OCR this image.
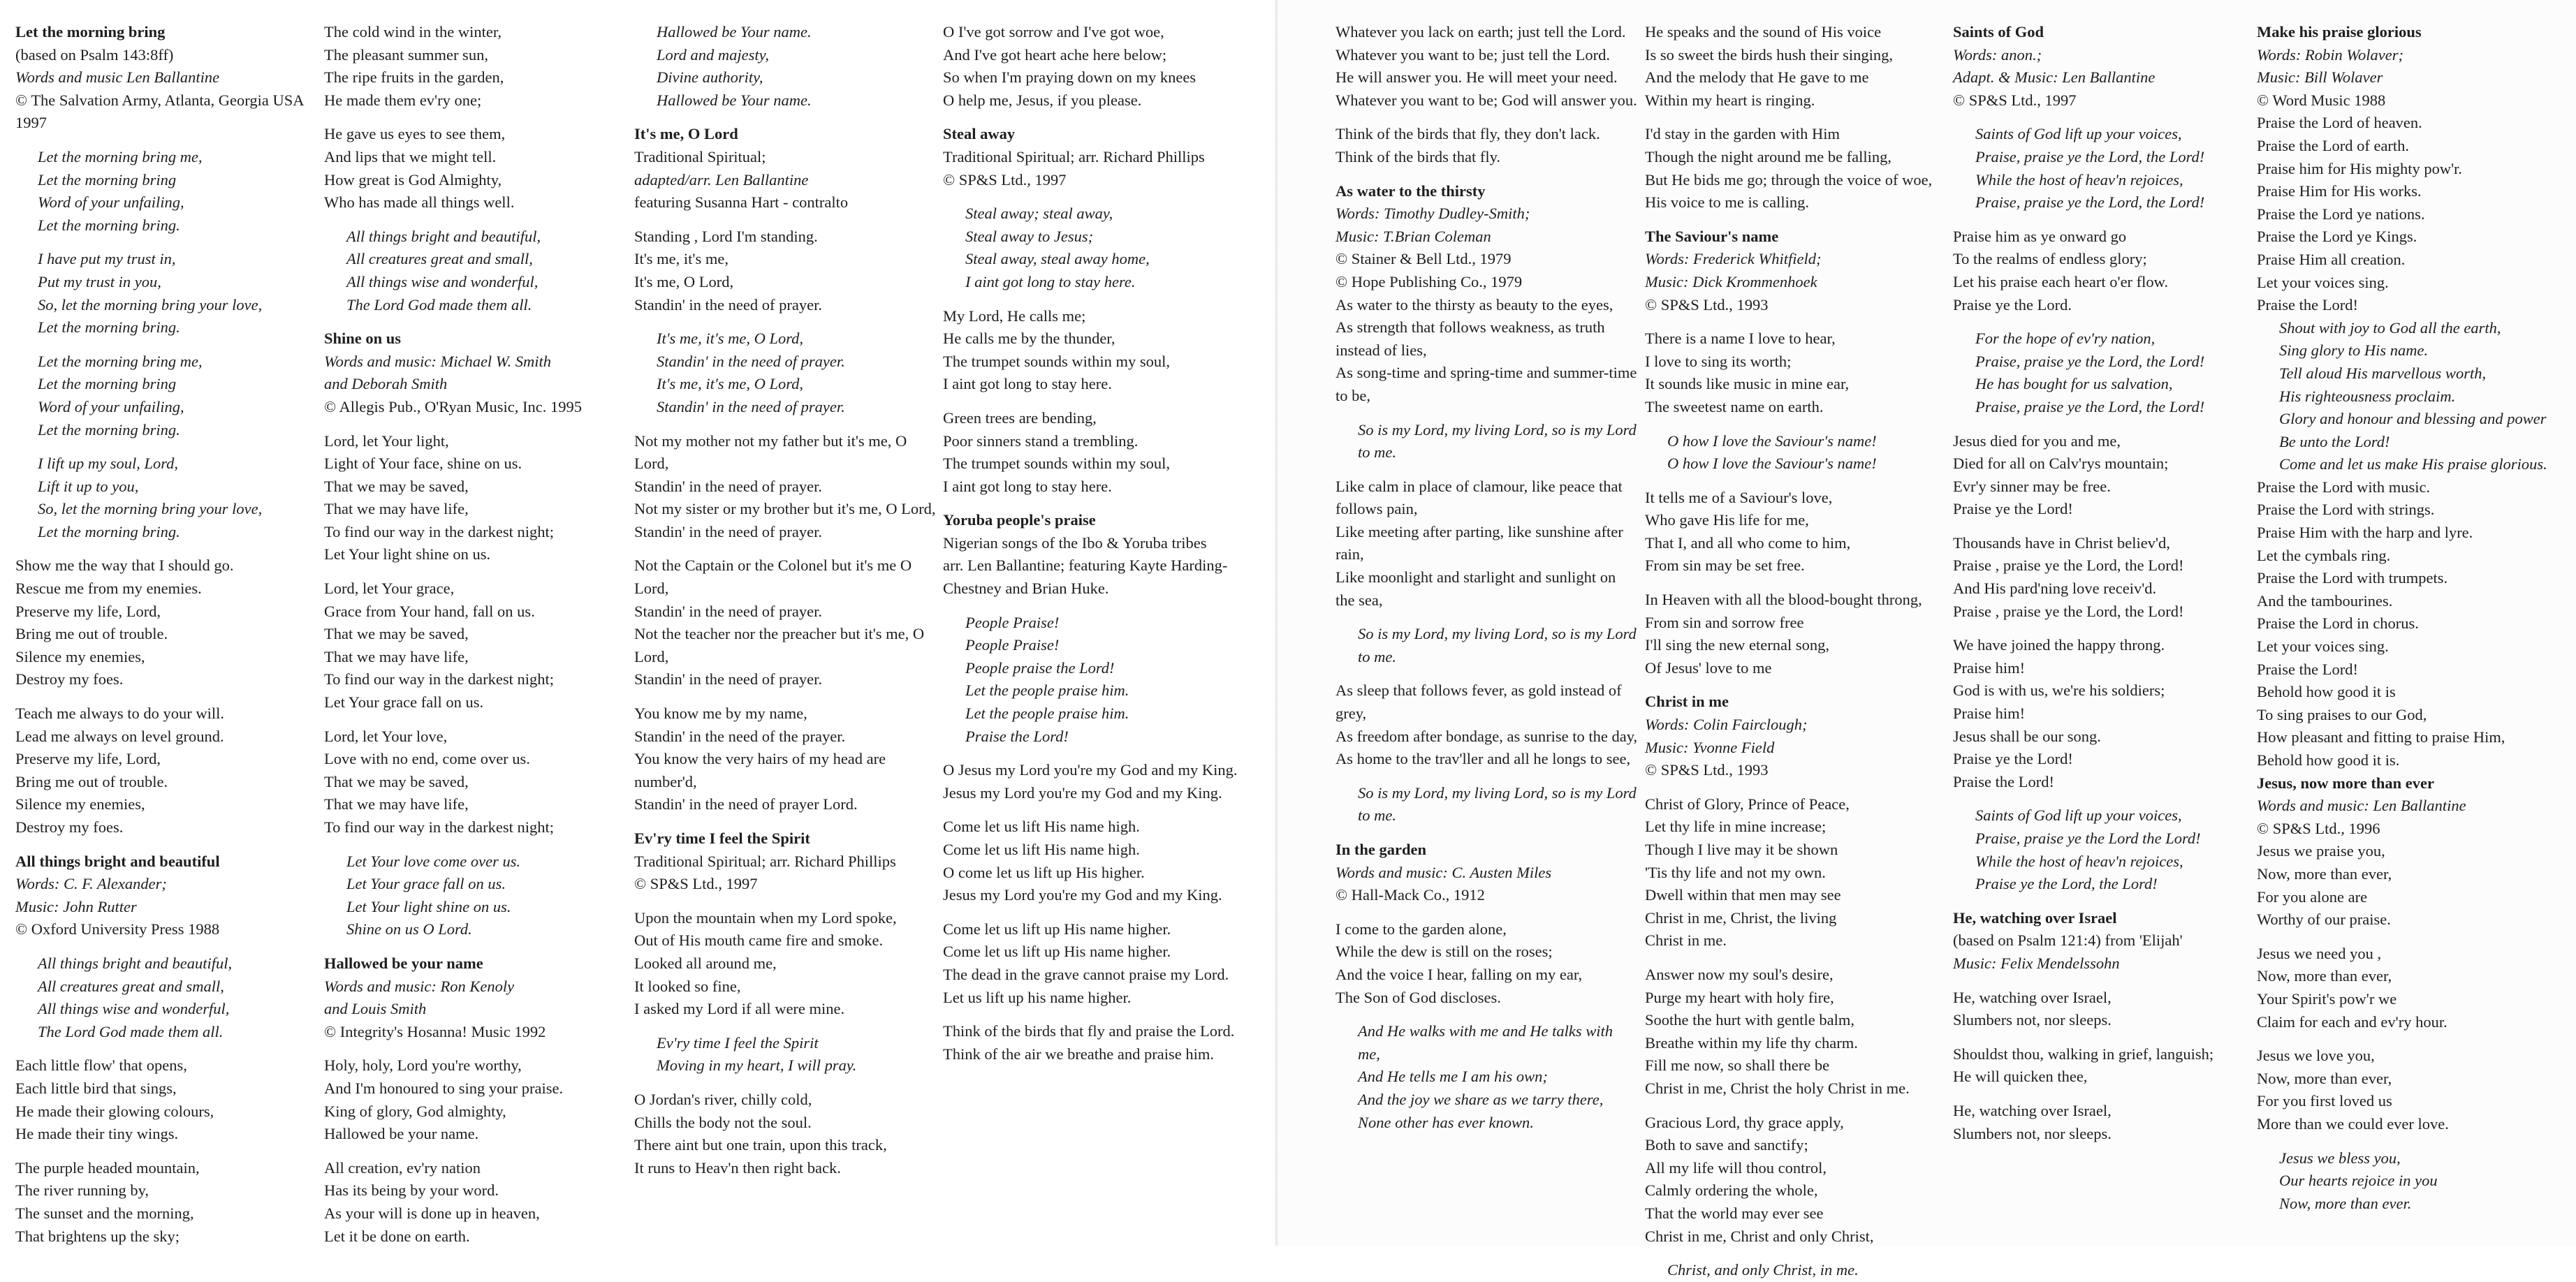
Let the morning bring
(based on Psalm 143:8ff)
Words and music Len Ballantine
© The Salvation Army, Atlanta, Georgia USA 1997
Let the morning bring me,
Let the morning bring
Word of your unfailing,
Let the morning bring.
I have put my trust in,
Put my trust in you,
So, let the morning bring your love,
Let the morning bring.
Let the morning bring me,
Let the morning bring
Word of your unfailing,
Let the morning bring.
I lift up my soul, Lord,
Lift it up to you,
So, let the morning bring your love,
Let the morning bring.
Show me the way that I should go.
Rescue me from my enemies.
Preserve my life, Lord,
Bring me out of trouble.
Silence my enemies,
Destroy my foes.
Teach me always to do your will.
Lead me always on level ground.
Preserve my life, Lord,
Bring me out of trouble.
Silence my enemies,
Destroy my foes.
All things bright and beautiful
Words: C. F. Alexander;
Music: John Rutter
© Oxford University Press 1988
All things bright and beautiful,
All creatures great and small,
All things wise and wonderful,
The Lord God made them all.
Each little flow' that opens,
Each little bird that sings,
He made their glowing colours,
He made their tiny wings.
The purple headed mountain,
The river running by,
The sunset and the morning,
That brightens up the sky;
The cold wind in the winter,
The pleasant summer sun,
The ripe fruits in the garden,
He made them ev'ry one;
He gave us eyes to see them,
And lips that we might tell.
How great is God Almighty,
Who has made all things well.
All things bright and beautiful,
All creatures great and small,
All things wise and wonderful,
The Lord God made them all.
Shine on us
Words and music: Michael W. Smith
and Deborah Smith
© Allegis Pub., O'Ryan Music, Inc. 1995
Lord, let Your light,
Light of Your face, shine on us.
That we may be saved,
That we may have life,
To find our way in the darkest night;
Let Your light shine on us.
Lord, let Your grace,
Grace from Your hand, fall on us.
That we may be saved,
That we may have life,
To find our way in the darkest night;
Let Your grace fall on us.
Lord, let Your love,
Love with no end, come over us.
That we may be saved,
That we may have life,
To find our way in the darkest night;
Let Your love come over us.
Let Your grace fall on us.
Let Your light shine on us.
Shine on us O Lord.
Hallowed be your name
Words and music: Ron Kenoly
and Louis Smith
© Integrity's Hosanna! Music 1992
Holy, holy, Lord you're worthy,
And I'm honoured to sing your praise.
King of glory, God almighty,
Hallowed be your name.
All creation, ev'ry nation
Has its being by your word.
As your will is done up in heaven,
Let it be done on earth.
Hallowed be Your name.
Lord and majesty,
Divine authority,
Hallowed be Your name.
It's me, O Lord
Traditional Spiritual;
adapted/arr. Len Ballantine
featuring Susanna Hart - contralto
Standing , Lord I'm standing.
It's me, it's me,
It's me, O Lord,
Standin' in the need of prayer.
It's me, it's me, O Lord,
Standin' in the need of prayer.
It's me, it's me, O Lord,
Standin' in the need of prayer.
Not my mother not my father but it's me, O Lord,
Standin' in the need of prayer.
Not my sister or my brother but it's me, O Lord,
Standin' in the need of prayer.
Not the Captain or the Colonel but it's me O Lord,
Standin' in the need of prayer.
Not the teacher nor the preacher but it's me, O Lord,
Standin' in the need of prayer.
You know me by my name,
Standin' in the need of the prayer.
You know the very hairs of my head are number'd,
Standin' in the need of prayer Lord.
Ev'ry time I feel the Spirit
Traditional Spiritual; arr. Richard Phillips
© SP&S Ltd., 1997
Upon the mountain when my Lord spoke,
Out of His mouth came fire and smoke.
Looked all around me,
It looked so fine,
I asked my Lord if all were mine.
Ev'ry time I feel the Spirit
Moving in my heart, I will pray.
O Jordan's river, chilly cold,
Chills the body not the soul.
There aint but one train, upon this track,
It runs to Heav'n then right back.
O I've got sorrow and I've got woe,
And I've got heart ache here below;
So when I'm praying down on my knees
O help me, Jesus, if you please.
Steal away
Traditional Spiritual; arr. Richard Phillips
© SP&S Ltd., 1997
Steal away; steal away,
Steal away to Jesus;
Steal away, steal away home,
I aint got long to stay here.
My Lord, He calls me;
He calls me by the thunder,
The trumpet sounds within my soul,
I aint got long to stay here.
Green trees are bending,
Poor sinners stand a trembling.
The trumpet sounds within my soul,
I aint got long to stay here.
Yoruba people's praise
Nigerian songs of the Ibo & Yoruba tribes
arr. Len Ballantine; featuring Kayte Harding-Chestney and Brian Huke.
People Praise!
People Praise!
People praise the Lord!
Let the people praise him.
Let the people praise him.
Praise the Lord!
O Jesus my Lord you're my God and my King.
Jesus my Lord you're my God and my King.
Come let us lift His name high.
Come let us lift His name high.
O come let us lift up His higher.
Jesus my Lord you're my God and my King.
Come let us lift up His name higher.
Come let us lift up His name higher.
The dead in the grave cannot praise my Lord.
Let us lift up his name higher.
Think of the birds that fly and praise the Lord.
Think of the air we breathe and praise him.
Whatever you lack on earth; just tell the Lord.
Whatever you want to be; just tell the Lord.
He will answer you. He will meet your need.
Whatever you want to be; God will answer you.
Think of the birds that fly, they don't lack.
Think of the birds that fly.
As water to the thirsty
Words: Timothy Dudley-Smith;
Music: T.Brian Coleman
© Stainer & Bell Ltd., 1979
© Hope Publishing Co., 1979
As water to the thirsty as beauty to the eyes,
As strength that follows weakness, as truth instead of lies,
As song-time and spring-time and summer-time to be,
So is my Lord, my living Lord, so is my Lord to me.
Like calm in place of clamour, like peace that follows pain,
Like meeting after parting, like sunshine after rain,
Like moonlight and starlight and sunlight on the sea,
So is my Lord, my living Lord, so is my Lord to me.
As sleep that follows fever, as gold instead of grey,
As freedom after bondage, as sunrise to the day,
As home to the trav'ller and all he longs to see,
So is my Lord, my living Lord, so is my Lord to me.
In the garden
Words and music: C. Austen Miles
© Hall-Mack Co., 1912
I come to the garden alone,
While the dew is still on the roses;
And the voice I hear, falling on my ear,
The Son of God discloses.
And He walks with me and He talks with me,
And He tells me I am his own;
And the joy we share as we tarry there,
None other has ever known.
He speaks and the sound of His voice
Is so sweet the birds hush their singing,
And the melody that He gave to me
Within my heart is ringing.
I'd stay in the garden with Him
Though the night around me be falling,
But He bids me go; through the voice of woe,
His voice to me is calling.
The Saviour's name
Words: Frederick Whitfield;
Music: Dick Krommenhoek
© SP&S Ltd., 1993
There is a name I love to hear,
I love to sing its worth;
It sounds like music in mine ear,
The sweetest name on earth.
O how I love the Saviour's name!
O how I love the Saviour's name!
It tells me of a Saviour's love,
Who gave His life for me,
That I, and all who come to him,
From sin may be set free.
In Heaven with all the blood-bought throng,
From sin and sorrow free
I'll sing the new eternal song,
Of Jesus' love to me
Christ in me
Words: Colin Fairclough;
Music: Yvonne Field
© SP&S Ltd., 1993
Christ of Glory, Prince of Peace,
Let thy life in mine increase;
Though I live may it be shown
'Tis thy life and not my own.
Dwell within that men may see
Christ in me, Christ, the living
Christ in me.
Answer now my soul's desire,
Purge my heart with holy fire,
Soothe the hurt with gentle balm,
Breathe within my life thy charm.
Fill me now, so shall there be
Christ in me, Christ the holy Christ in me.
Gracious Lord, thy grace apply,
Both to save and sanctify;
All my life will thou control,
Calmly ordering the whole,
That the world may ever see
Christ in me, Christ and only Christ,
Christ, and only Christ, in me.
Saints of God
Words: anon.;
Adapt. & Music: Len Ballantine
© SP&S Ltd., 1997
Saints of God lift up your voices,
Praise, praise ye the Lord, the Lord!
While the host of heav'n rejoices,
Praise, praise ye the Lord, the Lord!
Praise him as ye onward go
To the realms of endless glory;
Let his praise each heart o'er flow.
Praise ye the Lord.
For the hope of ev'ry nation,
Praise, praise ye the Lord, the Lord!
He has bought for us salvation,
Praise, praise ye the Lord, the Lord!
Jesus died for you and me,
Died for all on Calv'rys mountain;
Evr'y sinner may be free.
Praise ye the Lord!
Thousands have in Christ believ'd,
Praise , praise ye the Lord, the Lord!
And His pard'ning love receiv'd.
Praise , praise ye the Lord, the Lord!
We have joined the happy throng.
Praise him!
God is with us, we're his soldiers;
Praise him!
Jesus shall be our song.
Praise ye the Lord!
Praise the Lord!
Saints of God lift up your voices,
Praise, praise ye the Lord the Lord!
While the host of heav'n rejoices,
Praise ye the Lord, the Lord!
He, watching over Israel
(based on Psalm 121:4) from 'Elijah'
Music: Felix Mendelssohn
He, watching over Israel,
Slumbers not, nor sleeps.
Shouldst thou, walking in grief, languish;
He will quicken thee,
He, watching over Israel,
Slumbers not, nor sleeps.
Make his praise glorious
Words: Robin Wolaver;
Music: Bill Wolaver
© Word Music 1988
Praise the Lord of heaven.
Praise the Lord of earth.
Praise him for His mighty pow'r.
Praise Him for His works.
Praise the Lord ye nations.
Praise the Lord ye Kings.
Praise Him all creation.
Let your voices sing.
Praise the Lord!
Shout with joy to God all the earth,
Sing glory to His name.
Tell aloud His marvellous worth,
His righteousness proclaim.
Glory and honour and blessing and power
Be unto the Lord!
Come and let us make His praise glorious.
Praise the Lord with music.
Praise the Lord with strings.
Praise Him with the harp and lyre.
Let the cymbals ring.
Praise the Lord with trumpets.
And the tambourines.
Praise the Lord in chorus.
Let your voices sing.
Praise the Lord!
Behold how good it is
To sing praises to our God,
How pleasant and fitting to praise Him,
Behold how good it is.
Jesus, now more than ever
Words and music: Len Ballantine
© SP&S Ltd., 1996
Jesus we praise you,
Now, more than ever,
For you alone are
Worthy of our praise.
Jesus we need you ,
Now, more than ever,
Your Spirit's pow'r we
Claim for each and ev'ry hour.
Jesus we love you,
Now, more than ever,
For you first loved us
More than we could ever love.
Jesus we bless you,
Our hearts rejoice in you
Now, more than ever.
